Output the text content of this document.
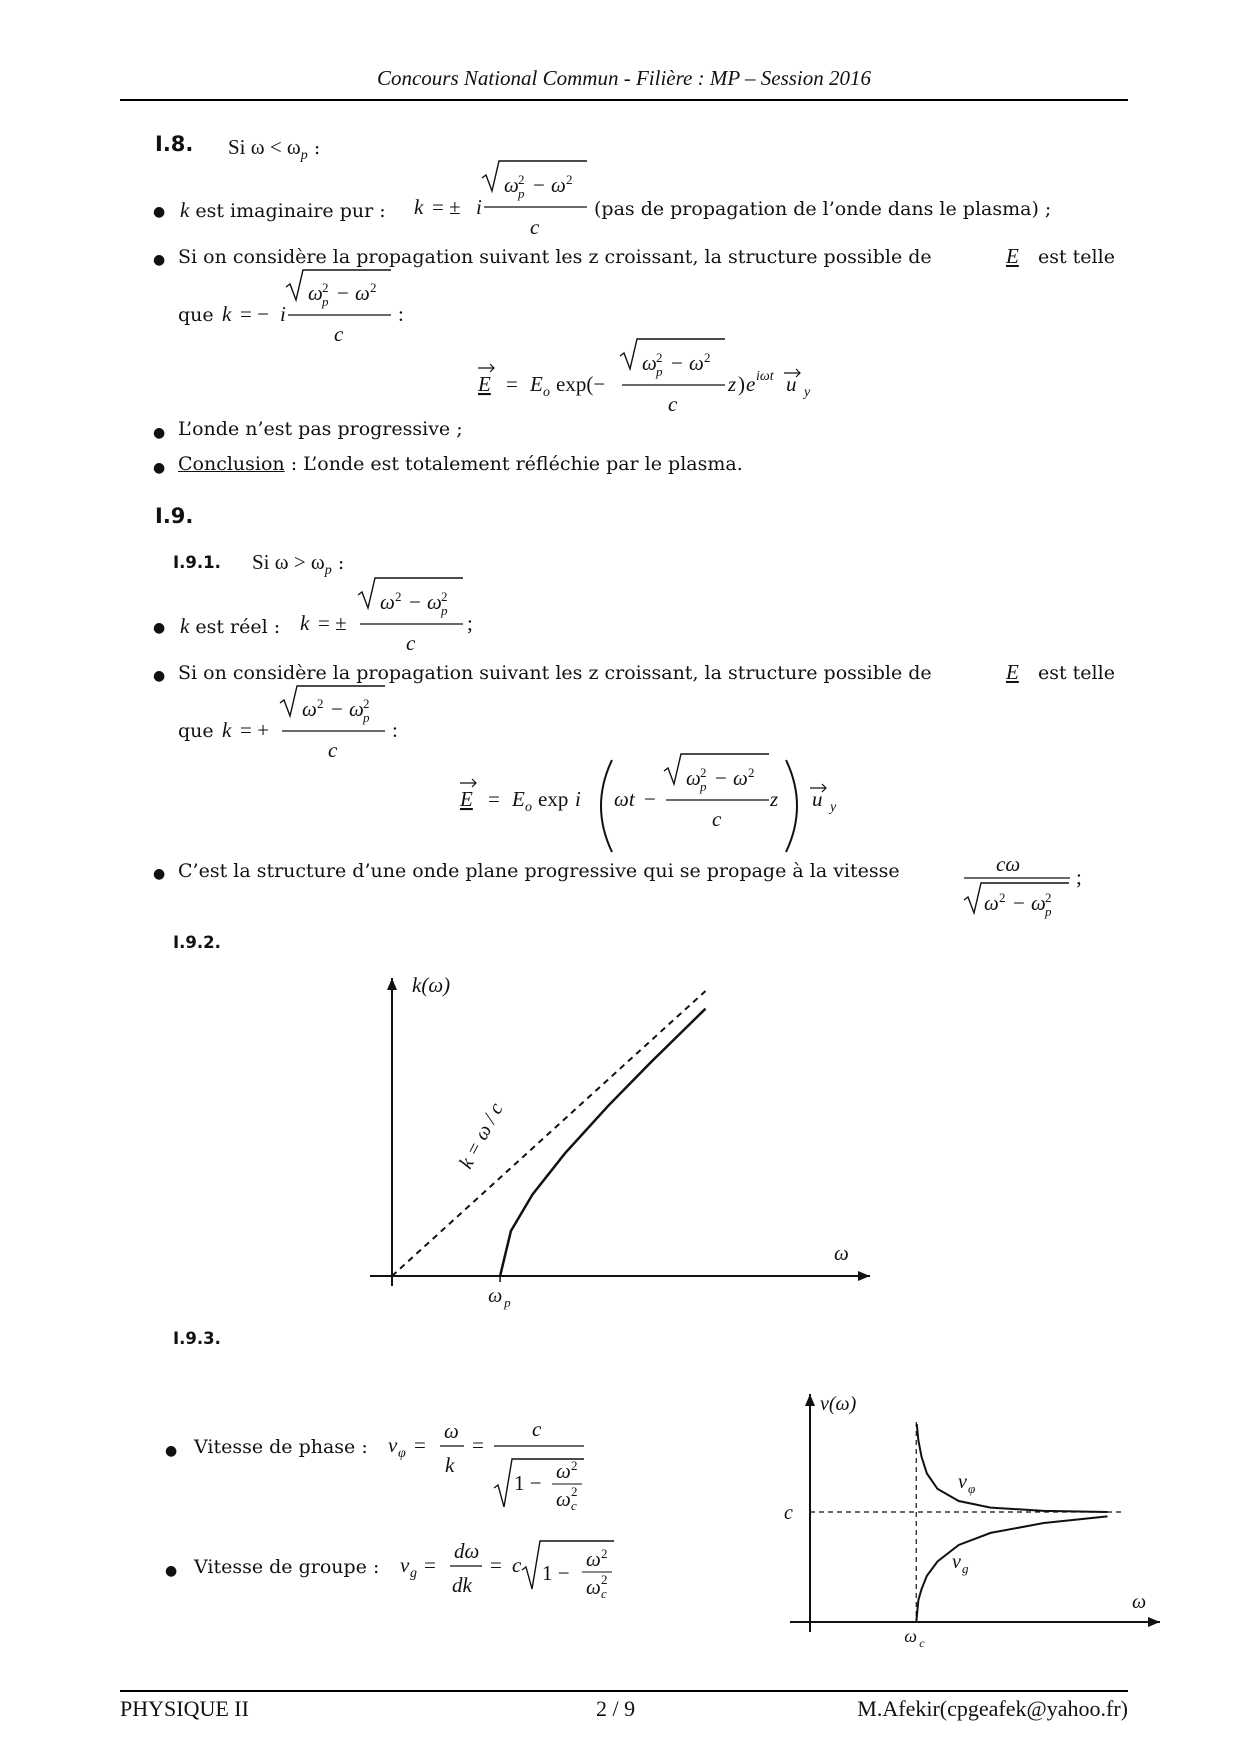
Concours National Commun - Filière : MP – Session 2016
PHYSIQUE II	2 / 9	M.Afekir(cpgeafek@yahoo.fr)
I.8. Si $\omega < \omega_p$ :
● k est imaginaire pur :	(pas de propagation de l’onde dans le plasma) ;
● Si on considère la propagation suivant les z croissant, la structure possible de	E est telle
que
● L’onde n’est pas progressive ;
● Conclusion : L’onde est totalement réfléchie par le plasma.
I.9.
I.9.1. Si $\omega > \omega_p$ :
● k est réel :
● Si on considère la propagation suivant les z croissant, la structure possible de	E est telle
que
● C’est la structure d’une onde plane progressive qui se propage à la vitesse
I.9.2.
I.9.3.
● Vitesse de phase :
● Vitesse de groupe :
k = ± i
ω 2
p − ω 2
c
k = − i
ω 2
p − ω 2
c
:
E = E o exp(−
ω 2
p − ω 2
c
z ) e iωt u y
k = ±
ω 2 − ω 2
p
c
;
k = +
ω 2 − ω 2
p
c
:
E = E o exp i ωt −
ω 2
p − ω 2
c
z u y
cω
ω 2 − ω 2
p
;
v φ =
ω
k
=
c
1 − ω 2
ω c
2
v g =
dω
dk
= c 1 −
ω 2
ω c
2
k(ω)
ω
ω p
k = ω / c
v(ω)
ω
c
ω c
v φ
v g
